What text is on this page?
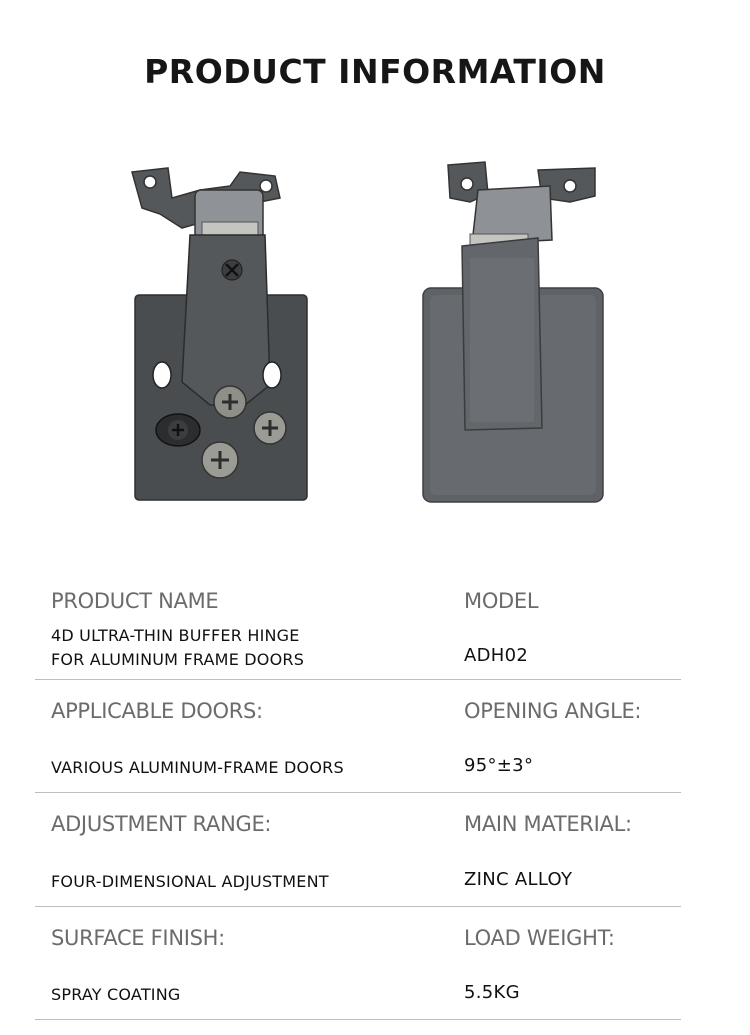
PRODUCT INFORMATION
PRODUCT NAME
4D ULTRA-THIN BUFFER HINGE
FOR ALUMINUM FRAME DOORS
MODEL
ADH02
APPLICABLE DOORS:
VARIOUS ALUMINUM-FRAME DOORS
OPENING ANGLE:
95°±3°
ADJUSTMENT RANGE:
FOUR-DIMENSIONAL ADJUSTMENT
MAIN MATERIAL:
ZINC ALLOY
SURFACE FINISH:
SPRAY COATING
LOAD WEIGHT:
5.5KG
